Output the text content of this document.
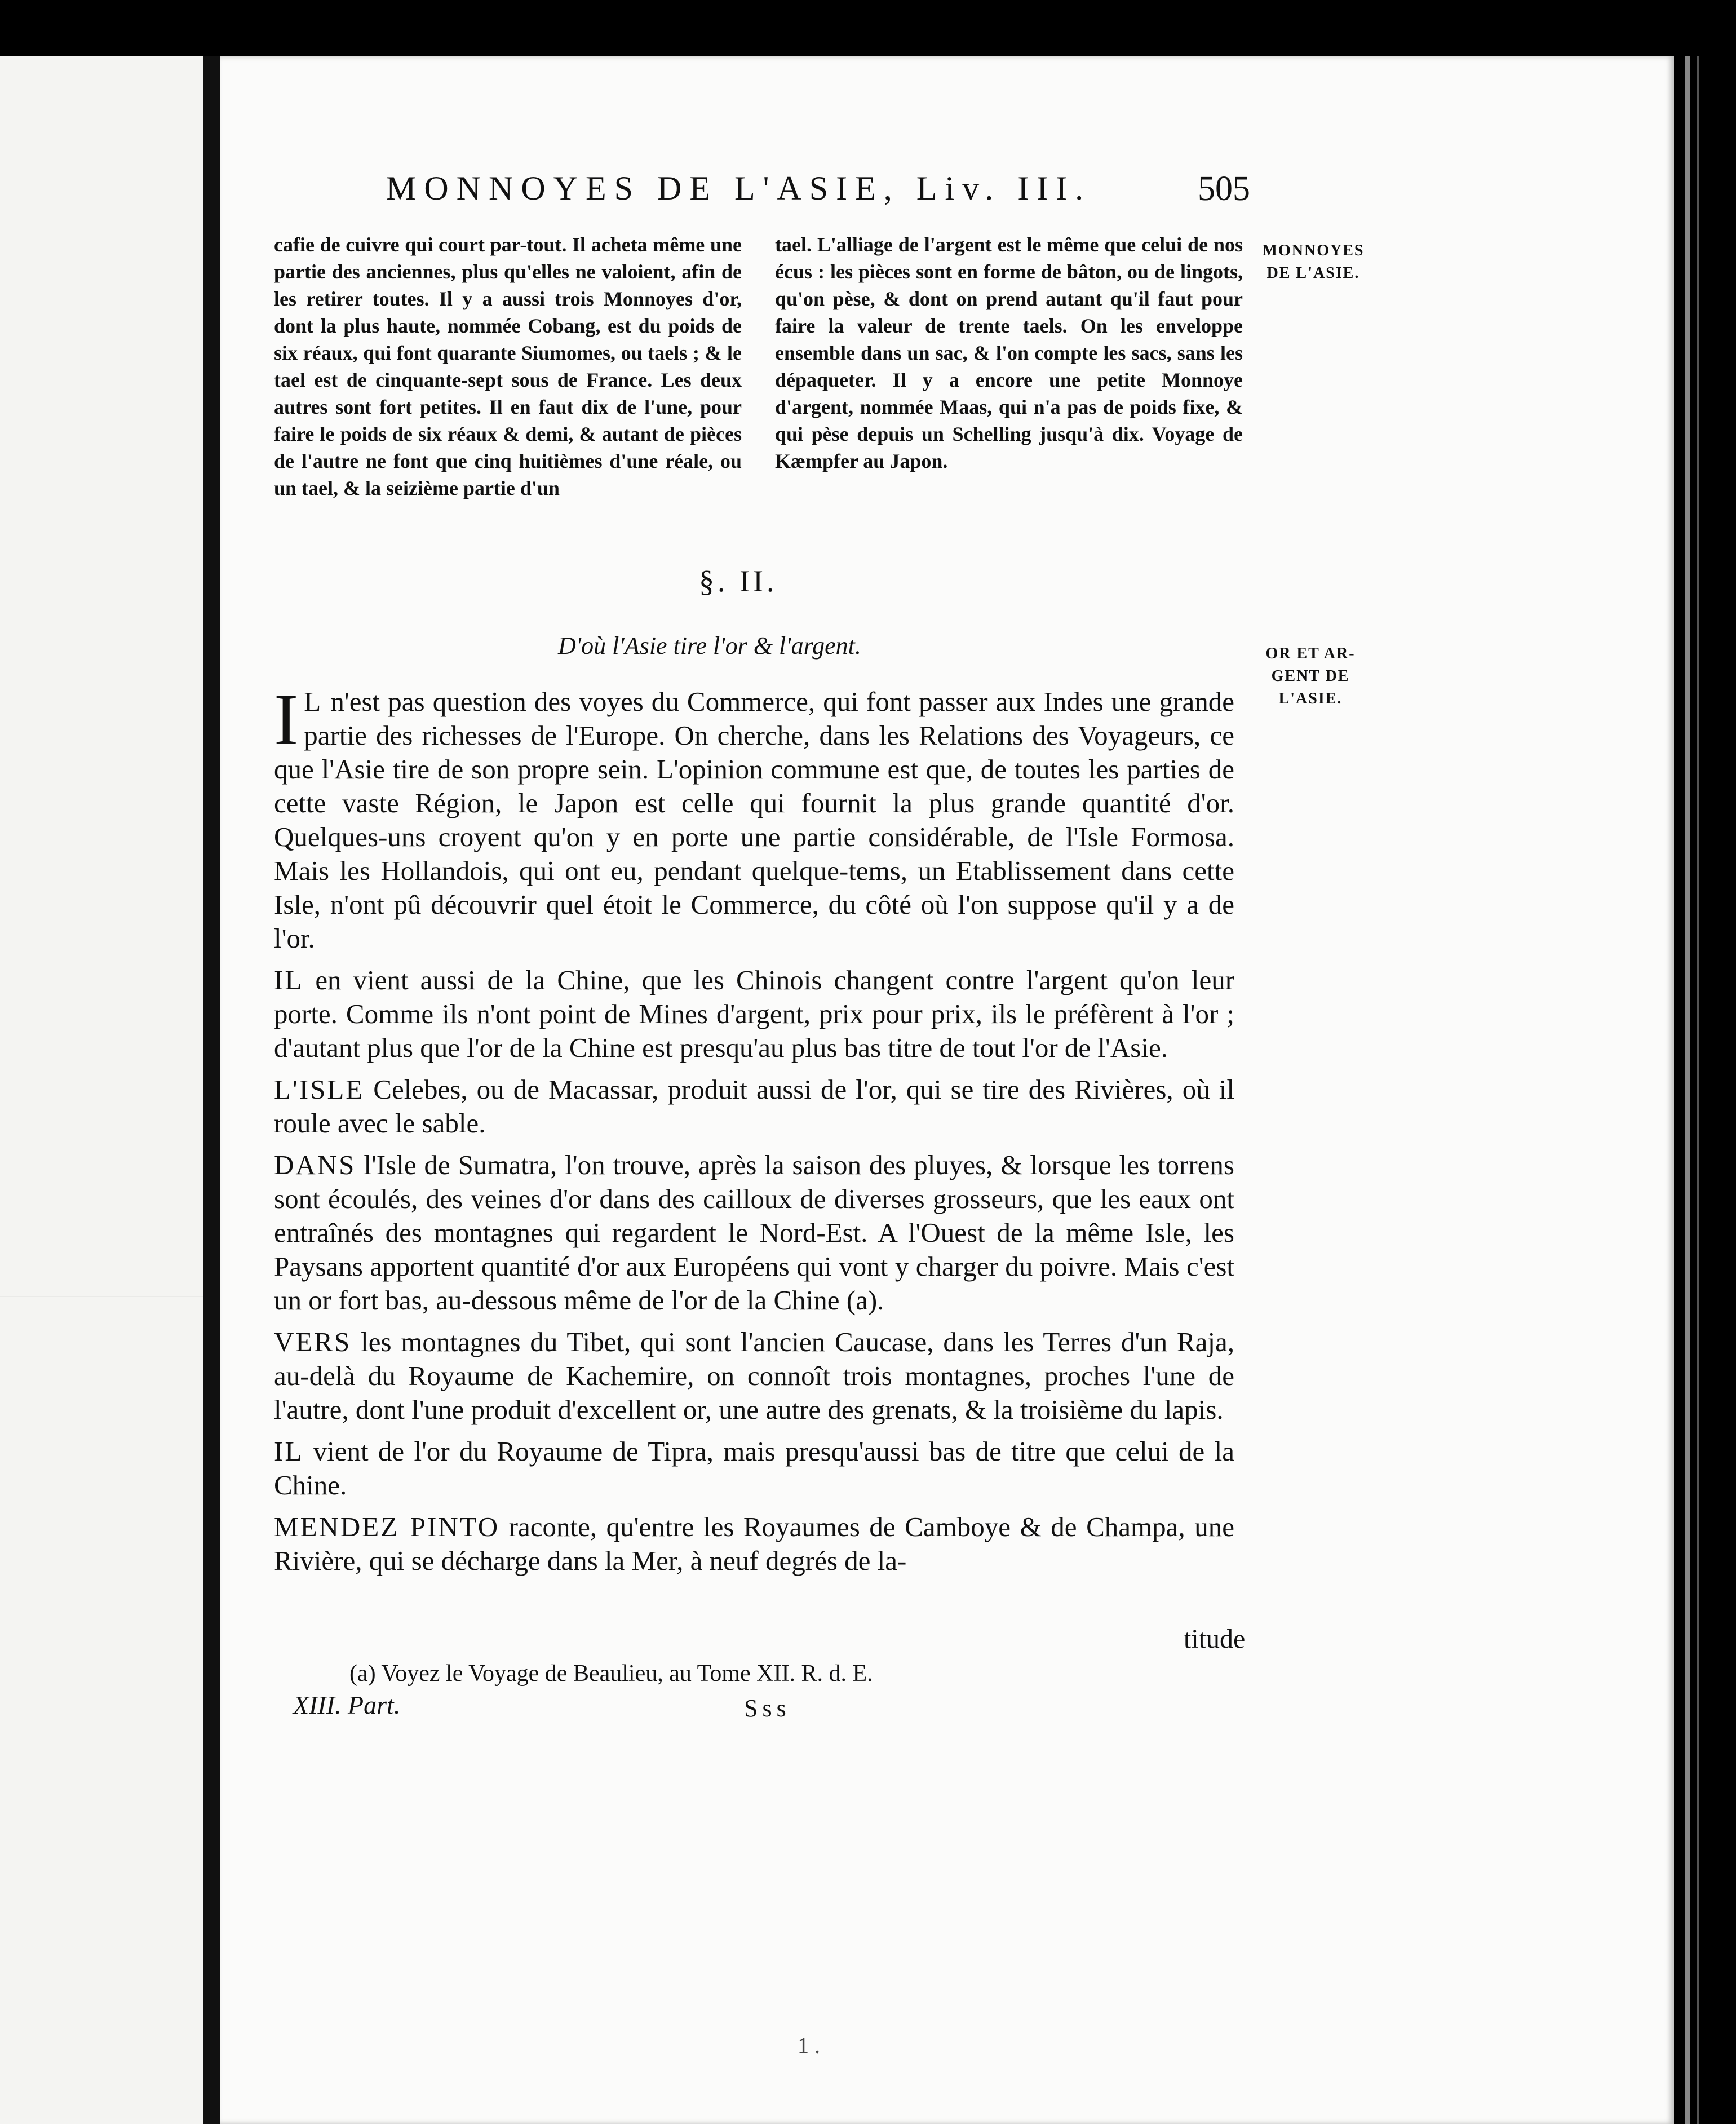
MONNOYES DE L'ASIE, Liv. III.	505
cafie de cuivre qui court par-tout. Il acheta même une partie des anciennes, plus qu'elles ne valoient, afin de les retirer toutes. Il y a aussi trois Monnoyes d'or, dont la plus haute, nommée Cobang, est du poids de six réaux, qui font quarante Siumomes, ou taels ; & le tael est de cinquante-sept sous de France. Les deux autres sont fort petites. Il en faut dix de l'une, pour faire le poids de six réaux & demi, & autant de pièces de l'autre ne font que cinq huitièmes d'une réale, ou un tael, & la seizième partie d'un
tael. L'alliage de l'argent est le même que celui de nos écus : les pièces sont en forme de bâton, ou de lingots, qu'on pèse, & dont on prend autant qu'il faut pour faire la valeur de trente taels. On les enveloppe ensemble dans un sac, & l'on compte les sacs, sans les dépaqueter. Il y a encore une petite Monnoye d'argent, nommée Maas, qui n'a pas de poids fixe, & qui pèse depuis un Schelling jusqu'à dix. Voyage de Kæmpfer au Japon.
MONNOYES
DE L'ASIE.
§. II.
D'où l'Asie tire l'or & l'argent.	OR ET AR-
GENT DE
L'ASIE.

I L n'est pas question des voyes du Commerce, qui font passer aux Indes une grande partie des richesses de l'Europe. On cherche, dans les Relations des Voyageurs, ce que l'Asie tire de son propre sein. L'opinion commune est que, de toutes les parties de cette vaste Région, le Japon est celle qui fournit la plus grande quantité d'or. Quelques-uns croyent qu'on y en porte une partie considérable, de l'Isle Formosa. Mais les Hollandois, qui ont eu, pendant quelque-tems, un Etablissement dans cette Isle, n'ont pû découvrir quel étoit le Commerce, du côté où l'on suppose qu'il y a de l'or.

IL en vient aussi de la Chine, que les Chinois changent contre l'argent qu'on leur porte. Comme ils n'ont point de Mines d'argent, prix pour prix, ils le préfèrent à l'or ; d'autant plus que l'or de la Chine est presqu'au plus bas titre de tout l'or de l'Asie.

L'ISLE Celebes, ou de Macassar, produit aussi de l'or, qui se tire des Rivières, où il roule avec le sable.

DANS l'Isle de Sumatra, l'on trouve, après la saison des pluyes, & lorsque les torrens sont écoulés, des veines d'or dans des cailloux de diverses grosseurs, que les eaux ont entraînés des montagnes qui regardent le Nord-Est. A l'Ouest de la même Isle, les Paysans apportent quantité d'or aux Européens qui vont y charger du poivre. Mais c'est un or fort bas, au-dessous même de l'or de la Chine (a).

VERS les montagnes du Tibet, qui sont l'ancien Caucase, dans les Terres d'un Raja, au-delà du Royaume de Kachemire, on connoît trois montagnes, proches l'une de l'autre, dont l'une produit d'excellent or, une autre des grenats, & la troisième du lapis.

IL vient de l'or du Royaume de Tipra, mais presqu'aussi bas de titre que celui de la Chine.

MENDEZ PINTO raconte, qu'entre les Royaumes de Camboye & de Champa, une Rivière, qui se décharge dans la Mer, à neuf degrés de la-

titude
(a) Voyez le Voyage de Beaulieu, au Tome XII. R. d. E.
XIII. Part.	Sss
1 .
